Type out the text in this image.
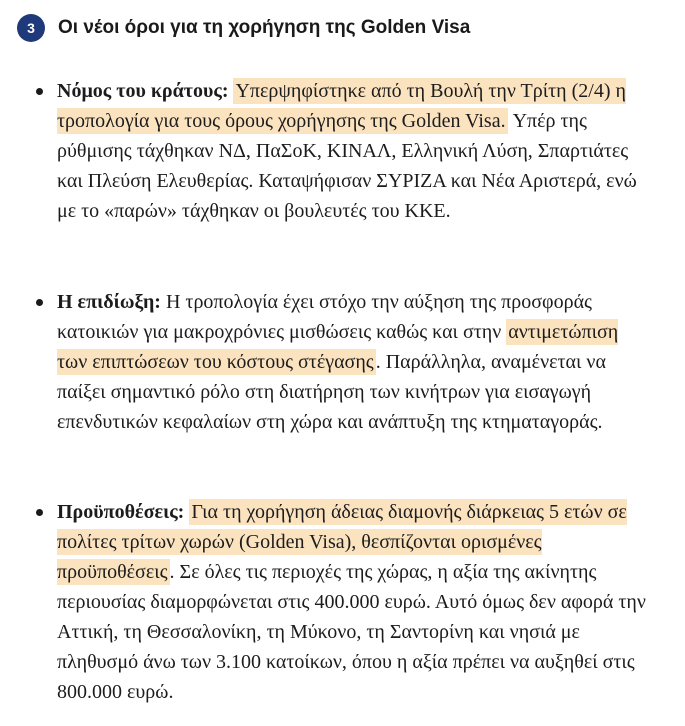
3	Οι νέοι όροι για τη χορήγηση της Golden Visa
Νόμος του κράτους: Υπερψηφίστηκε από τη Βουλή την Τρίτη (2/4) η τροπολογία για τους όρους χορήγησης της Golden Visa. Υπέρ της ρύθμισης τάχθηκαν ΝΔ, ΠαΣοΚ, ΚΙΝΑΛ, Ελληνική Λύση, Σπαρτιάτες και Πλεύση Ελευθερίας. Καταψήφισαν ΣΥΡΙΖΑ και Νέα Αριστερά, ενώ με το «παρών» τάχθηκαν οι βουλευτές του ΚΚΕ.
Η επιδίωξη: Η τροπολογία έχει στόχο την αύξηση της προσφοράς κατοικιών για μακροχρόνιες μισθώσεις καθώς και στην αντιμετώπιση των επιπτώσεων του κόστους στέγασης . Παράλληλα, αναμένεται να παίξει σημαντικό ρόλο στη διατήρηση των κινήτρων για εισαγωγή επενδυτικών κεφαλαίων στη χώρα και ανάπτυξη της κτηματαγοράς.
Προϋποθέσεις: Για τη χορήγηση άδειας διαμονής διάρκειας 5 ετών σε πολίτες τρίτων χωρών (Golden Visa), θεσπίζονται ορισμένες προϋποθέσεις . Σε όλες τις περιοχές της χώρας, η αξία της ακίνητης περιουσίας διαμορφώνεται στις 400.000 ευρώ. Αυτό όμως δεν αφορά την Αττική, τη Θεσσαλονίκη, τη Μύκονο, τη Σαντορίνη και νησιά με πληθυσμό άνω των 3.100 κατοίκων, όπου η αξία πρέπει να αυξηθεί στις 800.000 ευρώ.
